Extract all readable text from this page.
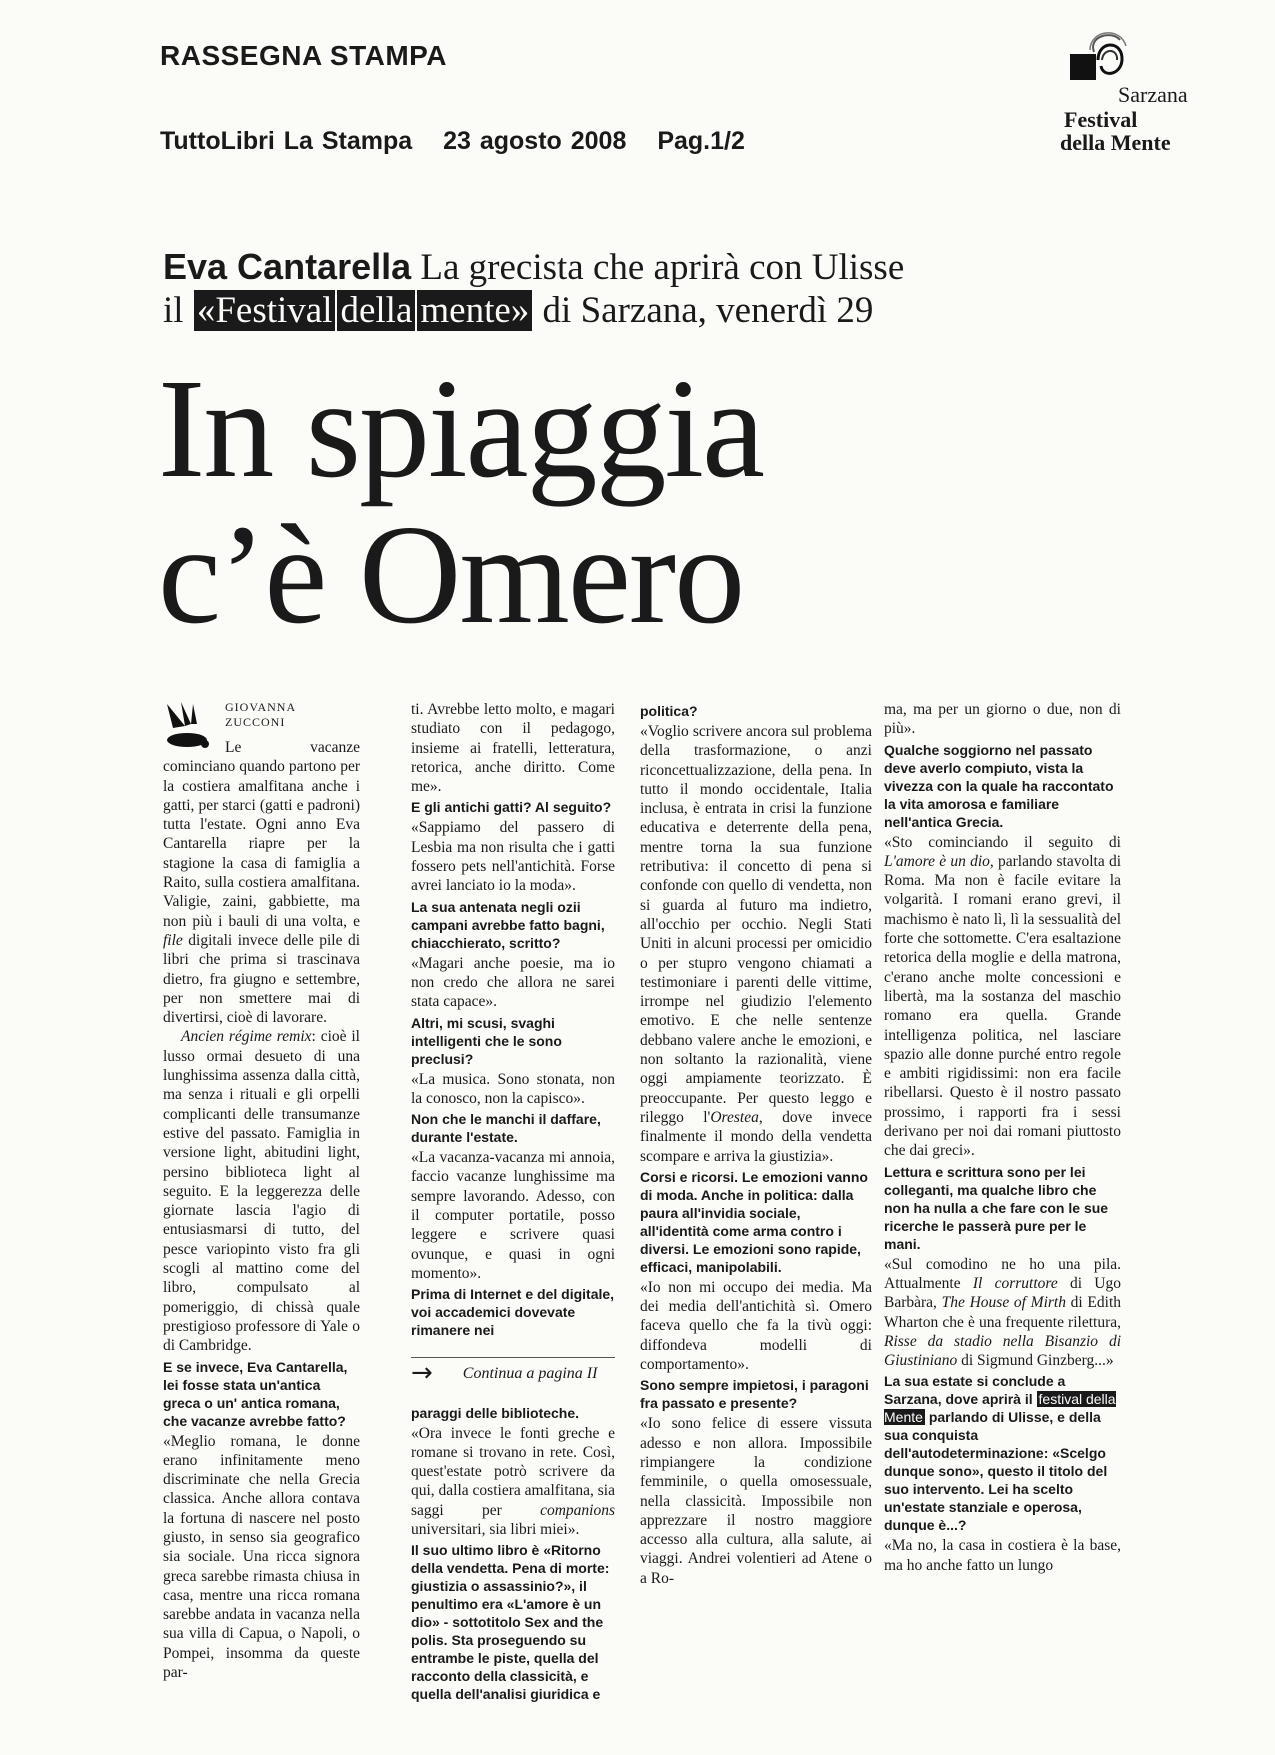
RASSEGNA STAMPA
TuttoLibri La Stampa 23 agosto 2008 Pag.1/2
Sarzana
Festival
della Mente
Eva Cantarella La grecista che aprirà con Ulisse
il «Festival della mente» di Sarzana, venerdì 29
In spiaggia
c’è Omero
GIOVANNA
ZUCCONI

Le vacanze cominciano quando partono per la costiera amalfitana anche i gatti, per starci (gatti e padroni) tutta l'estate. Ogni anno Eva Cantarella riapre per la stagione la casa di famiglia a Raito, sulla costiera amalfitana. Valigie, zaini, gabbiette, ma non più i bauli di una volta, e file digitali invece delle pile di libri che prima si trascinava dietro, fra giugno e settembre, per non smettere mai di divertirsi, cioè di lavorare.

Ancien régime remix: cioè il lusso ormai desueto di una lunghissima assenza dalla città, ma senza i rituali e gli orpelli complicanti delle transumanze estive del passato. Famiglia in versione light, abitudini light, persino biblioteca light al seguito. E la leggerezza delle giornate lascia l'agio di entusiasmarsi di tutto, del pesce variopinto visto fra gli scogli al mattino come del libro, compulsato al pomeriggio, di chissà quale prestigioso professore di Yale o di Cambridge.

E se invece, Eva Cantarella, lei fosse stata un'antica greca o un' antica romana, che vacanze avrebbe fatto?

«Meglio romana, le donne erano infinitamente meno discriminate che nella Grecia classica. Anche allora contava la fortuna di nascere nel posto giusto, in senso sia geografico sia sociale. Una ricca signora greca sarebbe rimasta chiusa in casa, mentre una ricca romana sarebbe andata in vacanza nella sua villa di Capua, o Napoli, o Pompei, insomma da queste par-

ti. Avrebbe letto molto, e magari studiato con il pedagogo, insieme ai fratelli, letteratura, retorica, anche diritto. Come me».

E gli antichi gatti? Al seguito?

«Sappiamo del passero di Lesbia ma non risulta che i gatti fossero pets nell'antichità. Forse avrei lanciato io la moda».

La sua antenata negli ozii campani avrebbe fatto bagni, chiacchierato, scritto?

«Magari anche poesie, ma io non credo che allora ne sarei stata capace».

Altri, mi scusi, svaghi intelligenti che le sono preclusi?

«La musica. Sono stonata, non la conosco, non la capisco».

Non che le manchi il daffare, durante l'estate.

«La vacanza-vacanza mi annoia, faccio vacanze lunghissime ma sempre lavorando. Adesso, con il computer portatile, posso leggere e scrivere quasi ovunque, e quasi in ogni momento».

Prima di Internet e del digitale, voi accademici dovevate rimanere nei

→ Continua a pagina II

paraggi delle biblioteche.

«Ora invece le fonti greche e romane si trovano in rete. Così, quest'estate potrò scrivere da qui, dalla costiera amalfitana, sia saggi per companions universitari, sia libri miei».

Il suo ultimo libro è «Ritorno della vendetta. Pena di morte: giustizia o assassinio?», il penultimo era «L'amore è un dio» - sottotitolo Sex and the polis. Sta proseguendo su entrambe le piste, quella del racconto della classicità, e quella dell'analisi giuridica e

politica?

«Voglio scrivere ancora sul problema della trasformazione, o anzi riconcettualizzazione, della pena. In tutto il mondo occidentale, Italia inclusa, è entrata in crisi la funzione educativa e deterrente della pena, mentre torna la sua funzione retributiva: il concetto di pena si confonde con quello di vendetta, non si guarda al futuro ma indietro, all'occhio per occhio. Negli Stati Uniti in alcuni processi per omicidio o per stupro vengono chiamati a testimoniare i parenti delle vittime, irrompe nel giudizio l'elemento emotivo. E che nelle sentenze debbano valere anche le emozioni, e non soltanto la razionalità, viene oggi ampiamente teorizzato. È preoccupante. Per questo leggo e rileggo l'Orestea, dove invece finalmente il mondo della vendetta scompare e arriva la giustizia».

Corsi e ricorsi. Le emozioni vanno di moda. Anche in politica: dalla paura all'invidia sociale, all'identità come arma contro i diversi. Le emozioni sono rapide, efficaci, manipolabili.

«Io non mi occupo dei media. Ma dei media dell'antichità sì. Omero faceva quello che fa la tivù oggi: diffondeva modelli di comportamento».

Sono sempre impietosi, i paragoni fra passato e presente?

«Io sono felice di essere vissuta adesso e non allora. Impossibile rimpiangere la condizione femminile, o quella omosessuale, nella classicità. Impossibile non apprezzare il nostro maggiore accesso alla cultura, alla salute, ai viaggi. Andrei volentieri ad Atene o a Ro-

ma, ma per un giorno o due, non di più».

Qualche soggiorno nel passato deve averlo compiuto, vista la vivezza con la quale ha raccontato la vita amorosa e familiare nell'antica Grecia.

«Sto cominciando il seguito di L'amore è un dio, parlando stavolta di Roma. Ma non è facile evitare la volgarità. I romani erano grevi, il machismo è nato lì, lì la sessualità del forte che sottomette. C'era esaltazione retorica della moglie e della matrona, c'erano anche molte concessioni e libertà, ma la sostanza del maschio romano era quella. Grande intelligenza politica, nel lasciare spazio alle donne purché entro regole e ambiti rigidissimi: non era facile ribellarsi. Questo è il nostro passato prossimo, i rapporti fra i sessi derivano per noi dai romani piuttosto che dai greci».

Lettura e scrittura sono per lei colleganti, ma qualche libro che non ha nulla a che fare con le sue ricerche le passerà pure per le mani.

«Sul comodino ne ho una pila. Attualmente Il corruttore di Ugo Barbàra, The House of Mirth di Edith Wharton che è una frequente rilettura, Risse da stadio nella Bisanzio di Giustiniano di Sigmund Ginzberg...»

La sua estate si conclude a Sarzana, dove aprirà il festival della Mente parlando di Ulisse, e della sua conquista dell'autodeterminazione: «Scelgo dunque sono», questo il titolo del suo intervento. Lei ha scelto un'estate stanziale e operosa, dunque è...?

«Ma no, la casa in costiera è la base, ma ho anche fatto un lungo
